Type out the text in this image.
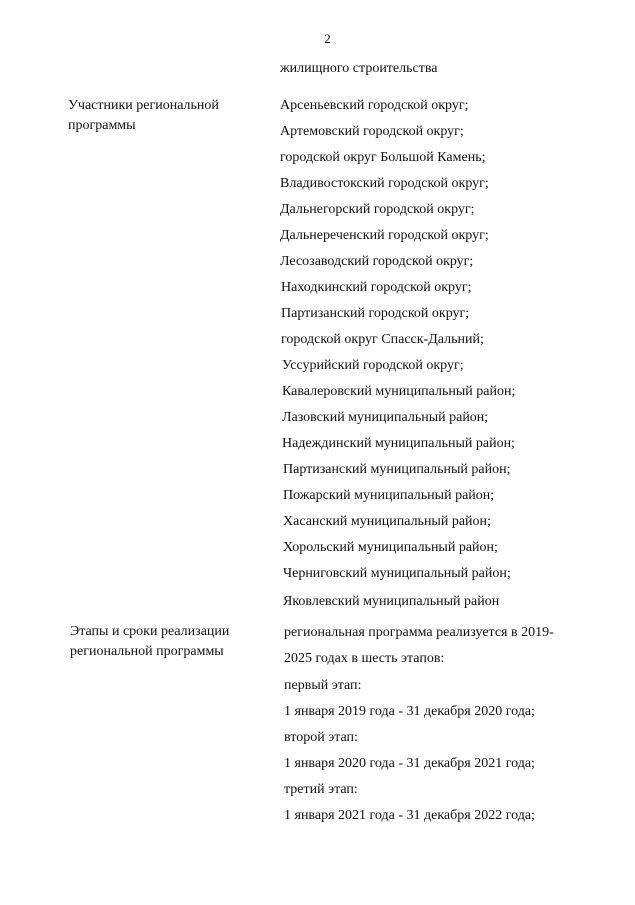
2
жилищного строительства
Участники региональной
программы
Арсеньевский городской округ;
Артемовский городской округ;
городской округ Большой Камень;
Владивостокский городской округ;
Дальнегорский городской округ;
Дальнереченский городской округ;
Лесозаводский городской округ;
Находкинский городской округ;
Партизанский городской округ;
городской округ Спасск-Дальний;
Уссурийский городской округ;
Кавалеровский муниципальный район;
Лазовский муниципальный район;
Надеждинский муниципальный район;
Партизанский муниципальный район;
Пожарский муниципальный район;
Хасанский муниципальный район;
Хорольский муниципальный район;
Черниговский муниципальный район;
Яковлевский муниципальный район
Этапы и сроки реализации
региональной программы
региональная программа реализуется в 2019-
2025 годах в шесть этапов:
первый этап:
1 января 2019 года - 31 декабря 2020 года;
второй этап:
1 января 2020 года - 31 декабря 2021 года;
третий этап:
1 января 2021 года - 31 декабря 2022 года;
